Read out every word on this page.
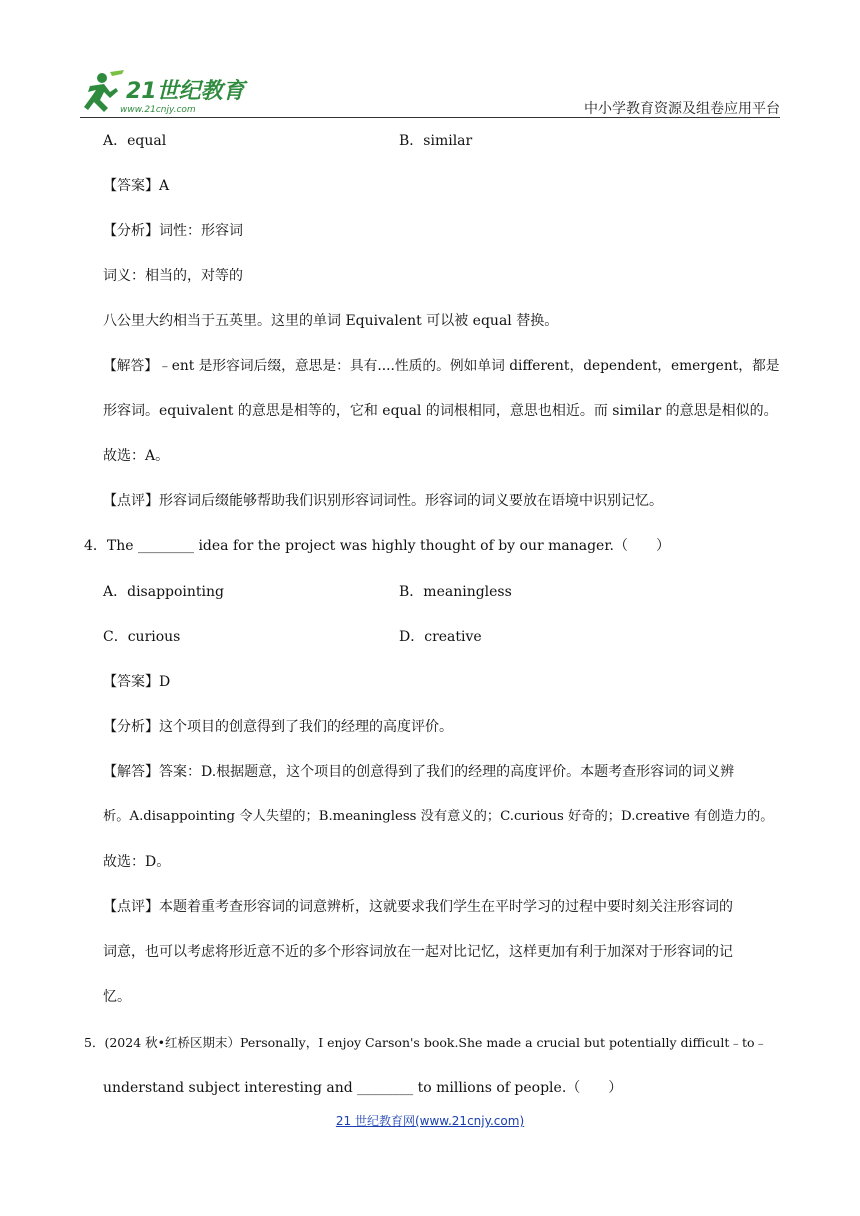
21世纪教育
www.21cnjy.com	中小学教育资源及组卷应用平台
A．equal	B．similar
【答案】A
【分析】词性：形容词
词义：相当的，对等的
八公里大约相当于五英里。这里的单词 Equivalent 可以被 equal 替换。
【解答】﹣ent 是形容词后缀，意思是：具有....性质的。例如单词 different，dependent，emergent，都是
形容词。equivalent 的意思是相等的，它和 equal 的词根相同，意思也相近。而 similar 的意思是相似的。
故选：A。
【点评】形容词后缀能够帮助我们识别形容词词性。形容词的词义要放在语境中识别记忆。
4．The ________ idea for the project was highly thought of by our manager.（　　）
A．disappointing	B．meaningless
C．curious	D．creative
【答案】D
【分析】这个项目的创意得到了我们的经理的高度评价。
【解答】答案：D.根据题意，这个项目的创意得到了我们的经理的高度评价。本题考查形容词的词义辨
析。A.disappointing 令人失望的；B.meaningless 没有意义的；C.curious 好奇的；D.creative 有创造力的。
故选：D。
【点评】本题着重考查形容词的词意辨析，这就要求我们学生在平时学习的过程中要时刻关注形容词的
词意，也可以考虑将形近意不近的多个形容词放在一起对比记忆，这样更加有利于加深对于形容词的记
忆。
5．(2024 秋•红桥区期末）Personally，I enjoy Carson's book.She made a crucial but potentially difficult﹣to﹣
understand subject interesting and ________ to millions of people.（　　）
21 世纪教育网(www.21cnjy.com)
